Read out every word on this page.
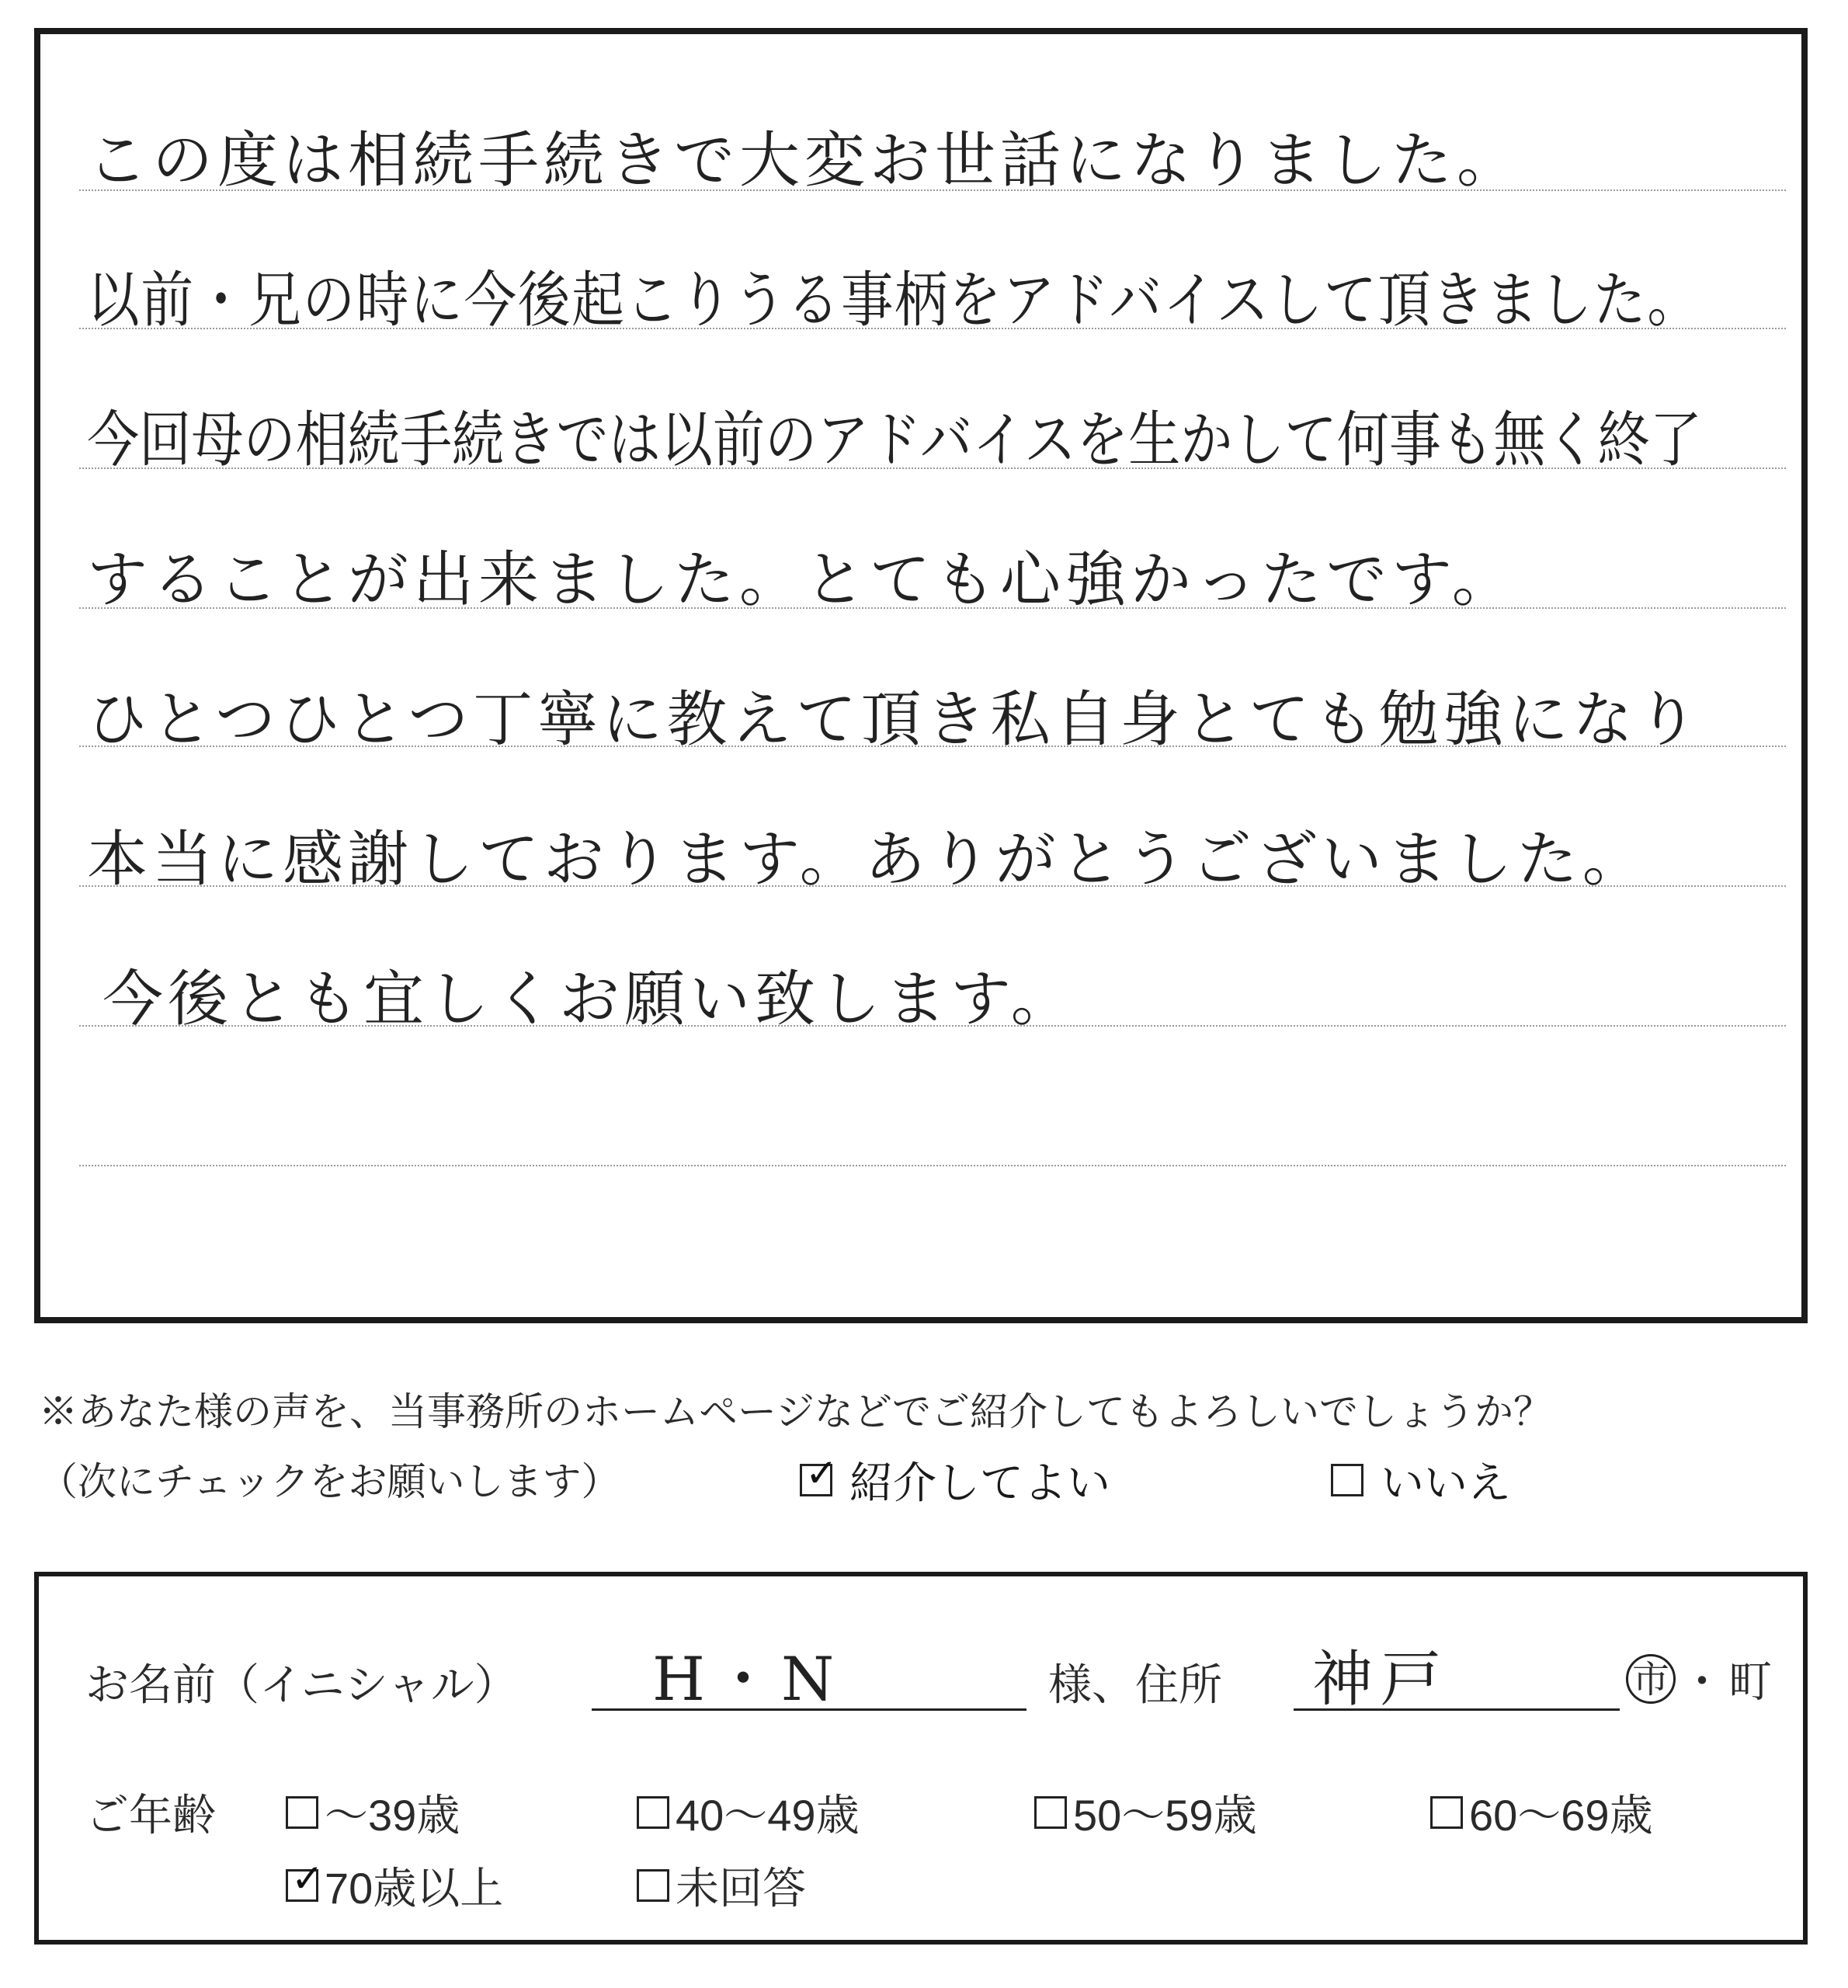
この度は相続手続きで大変お世話になりました。
以前・兄の時に今後起こりうる事柄をアドバイスして頂きました。
今回母の相続手続きでは以前のアドバイスを生かして何事も無く終了
することが出来ました。とても心強かったです。
ひとつひとつ丁寧に教えて頂き私自身とても勉強になり
本当に感謝しております。ありがとうございました。
今後とも宜しくお願い致します。
※あなた様の声を、当事務所のホームページなどでご紹介してもよろしいでしょうか？
（次にチェックをお願いします）
✓	紹介してよい	いいえ
お名前（イニシャル） H・N	様、住所 神戸	市 ・ 町
ご年齢	〜39歳	40〜49歳	50〜59歳	60〜69歳
✓
70歳以上	未回答
